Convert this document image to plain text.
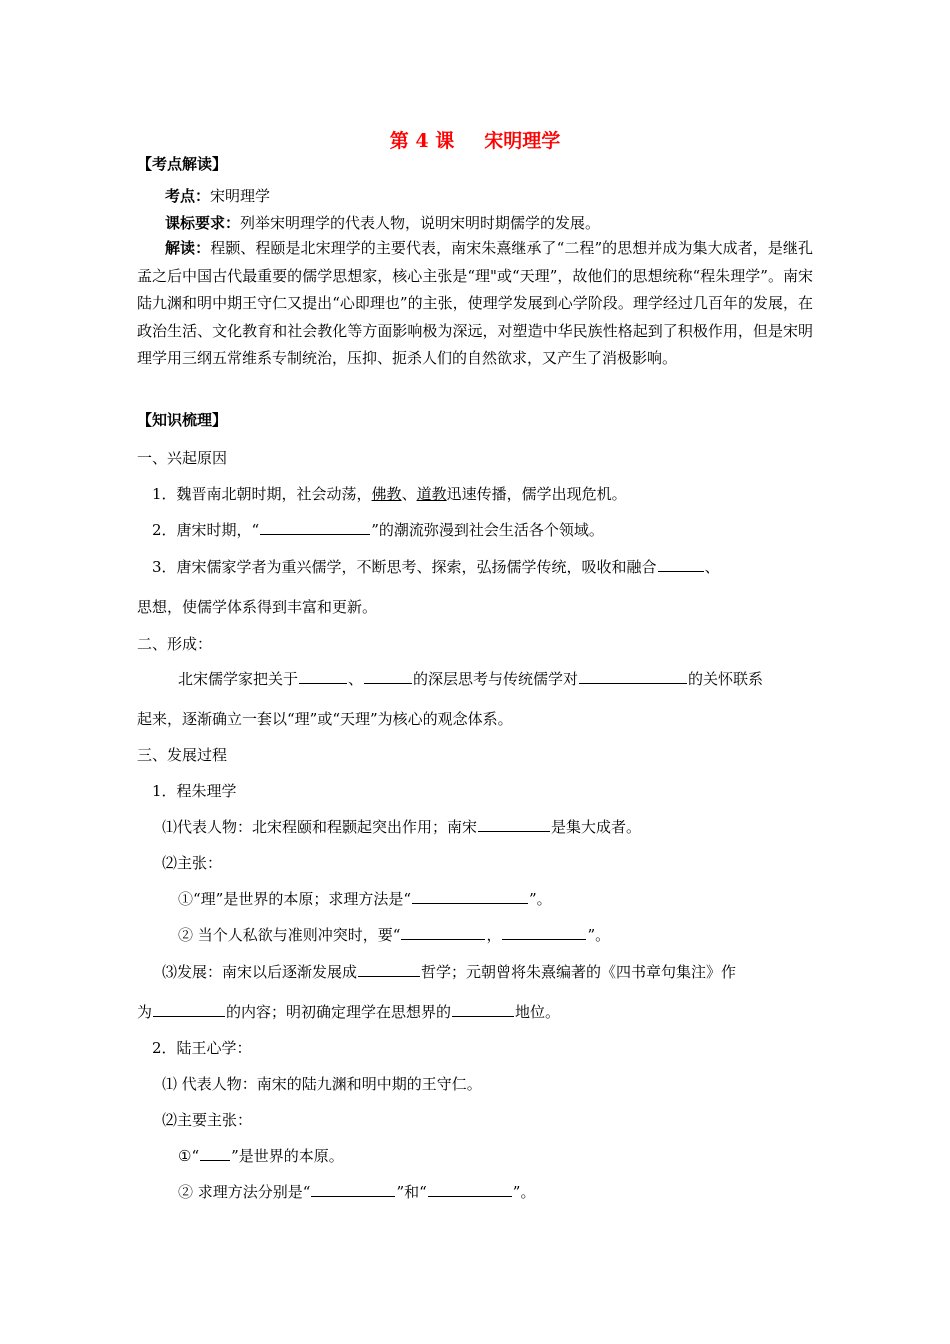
第 4 课 宋明理学
【考点解读】
考点：宋明理学
课标要求：列举宋明理学的代表人物，说明宋明时期儒学的发展。
解读：程颢、程颐是北宋理学的主要代表，南宋朱熹继承了“二程”的思想并成为集大成者，是继孔孟之后中国古代最重要的儒学思想家，核心主张是“理"或“天理”，故他们的思想统称“程朱理学”。南宋陆九渊和明中期王守仁又提出“心即理也”的主张，使理学发展到心学阶段。理学经过几百年的发展，在政治生活、文化教育和社会教化等方面影响极为深远，对塑造中华民族性格起到了积极作用，但是宋明理学用三纲五常维系专制统治，压抑、扼杀人们的自然欲求，又产生了消极影响。
【知识梳理】
一、兴起原因
1．魏晋南北朝时期，社会动荡，佛教、道教迅速传播，儒学出现危机。
2．唐宋时期，“	”的潮流弥漫到社会生活各个领域。
3．唐宋儒家学者为重兴儒学，不断思考、探索，弘扬儒学传统，吸收和融合	、
思想，使儒学体系得到丰富和更新。
二、形成：
北宋儒学家把关于	、	的深层思考与传统儒学对	的关怀联系
起来，逐渐确立一套以“理”或“天理”为核心的观念体系。
三、发展过程
1．程朱理学
⑴代表人物：北宋程颐和程颢起突出作用；南宋	是集大成者。
⑵主张：
①“理”是世界的本原；求理方法是“	”。
② 当个人私欲与准则冲突时，要“	，	”。
⑶发展：南宋以后逐渐发展成	哲学；元朝曾将朱熹编著的《四书章句集注》作
为	的内容；明初确定理学在思想界的	地位。
2．陆王心学：
⑴ 代表人物：南宋的陆九渊和明中期的王守仁。
⑵主要主张：
①“ ”是世界的本原。
② 求理方法分别是“	”和“	”。
